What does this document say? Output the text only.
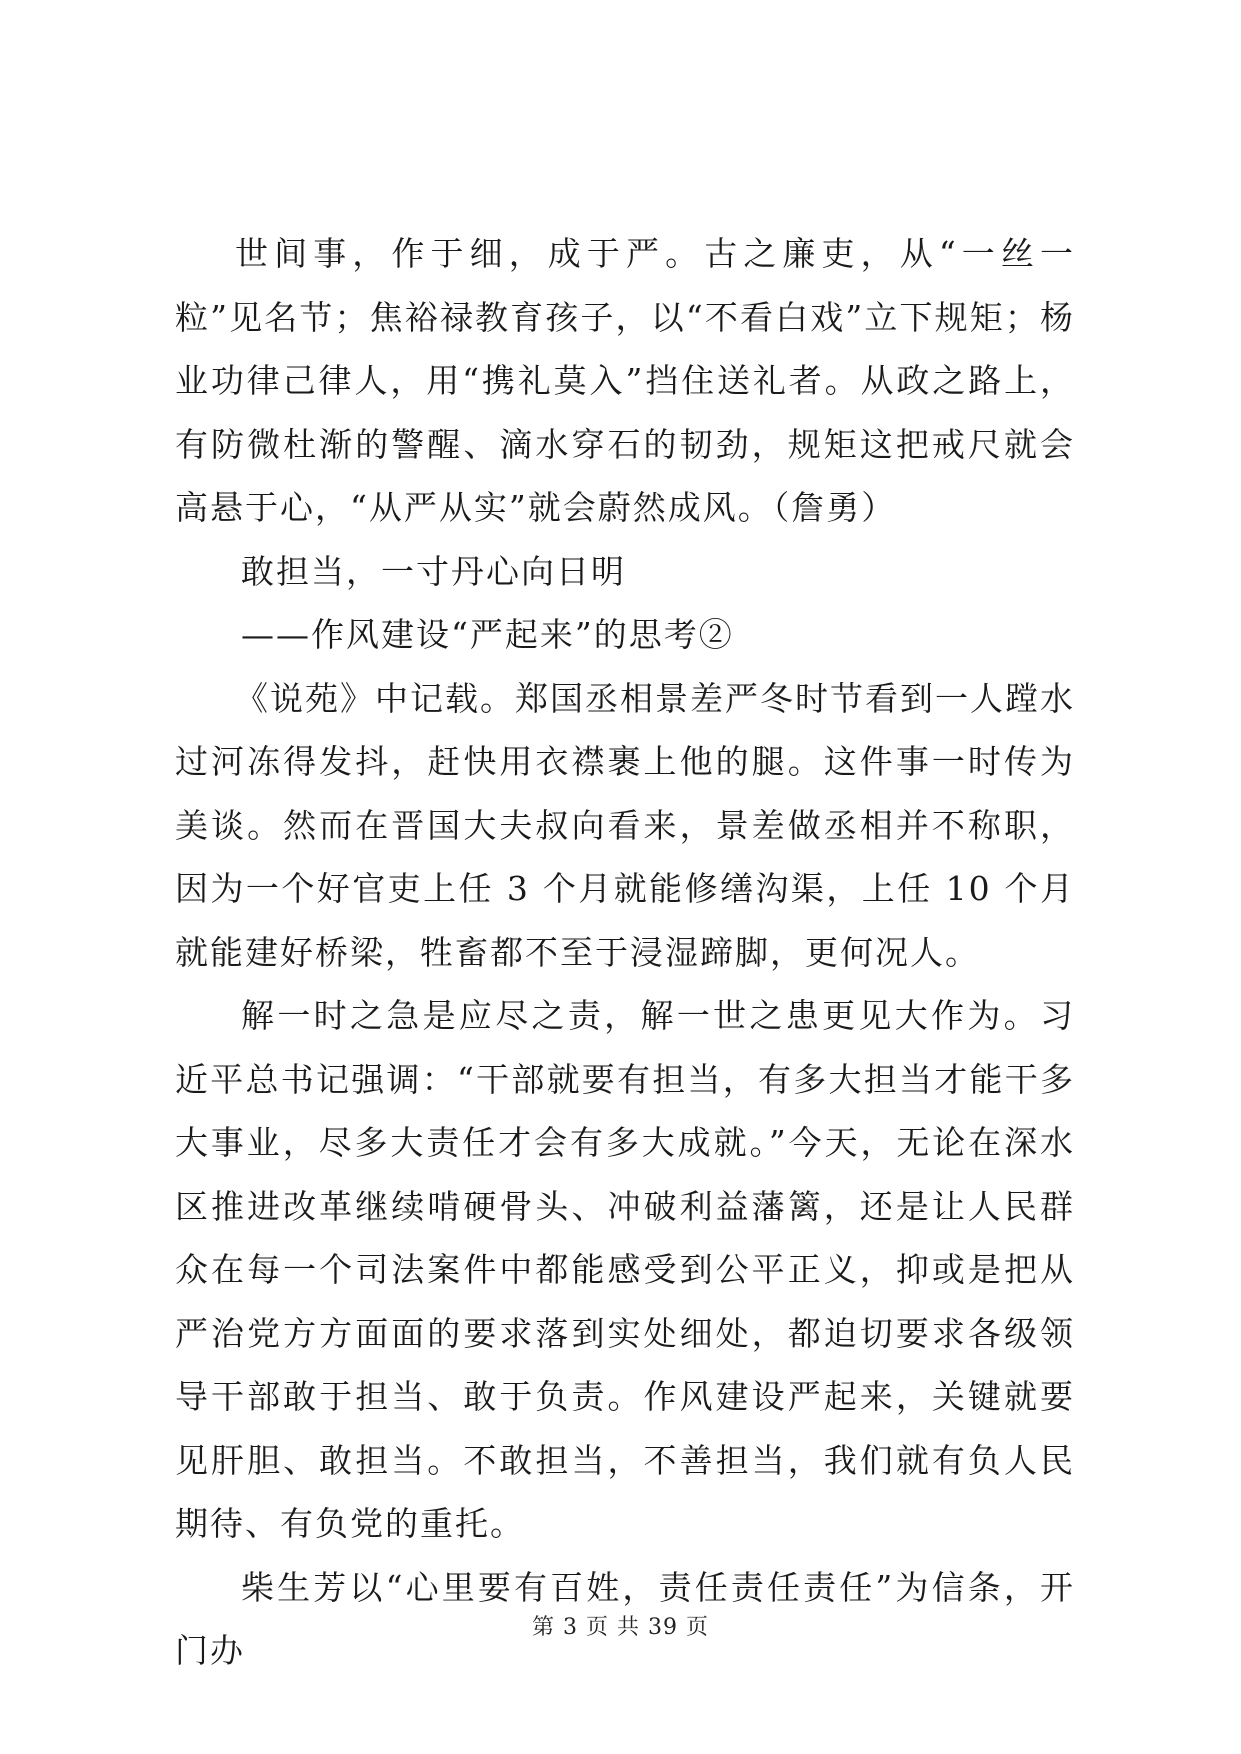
世间事，作于细，成于严。古之廉吏，从“一丝一粒”见名节；焦裕禄教育孩子，以“不看白戏”立下规矩；杨业功律己律人，用“携礼莫入”挡住送礼者。从政之路上，有防微杜渐的警醒、滴水穿石的韧劲，规矩这把戒尺就会高悬于心，“从严从实”就会蔚然成风。（詹勇）

敢担当，一寸丹心向日明

——作风建设“严起来”的思考②

《说苑》中记载。郑国丞相景差严冬时节看到一人蹚水过河冻得发抖，赶快用衣襟裹上他的腿。这件事一时传为美谈。然而在晋国大夫叔向看来，景差做丞相并不称职，因为一个好官吏上任 3 个月就能修缮沟渠，上任 10 个月就能建好桥梁，牲畜都不至于浸湿蹄脚，更何况人。

解一时之急是应尽之责，解一世之患更见大作为。习近平总书记强调：“干部就要有担当，有多大担当才能干多大事业，尽多大责任才会有多大成就。”今天，无论在深水区推进改革继续啃硬骨头、冲破利益藩篱，还是让人民群众在每一个司法案件中都能感受到公平正义，抑或是把从严治党方方面面的要求落到实处细处，都迫切要求各级领导干部敢于担当、敢于负责。作风建设严起来，关键就要见肝胆、敢担当。不敢担当，不善担当，我们就有负人民期待、有负党的重托。

柴生芳以“心里要有百姓，责任责任责任”为信条，开门办

第 3 页 共 39 页
